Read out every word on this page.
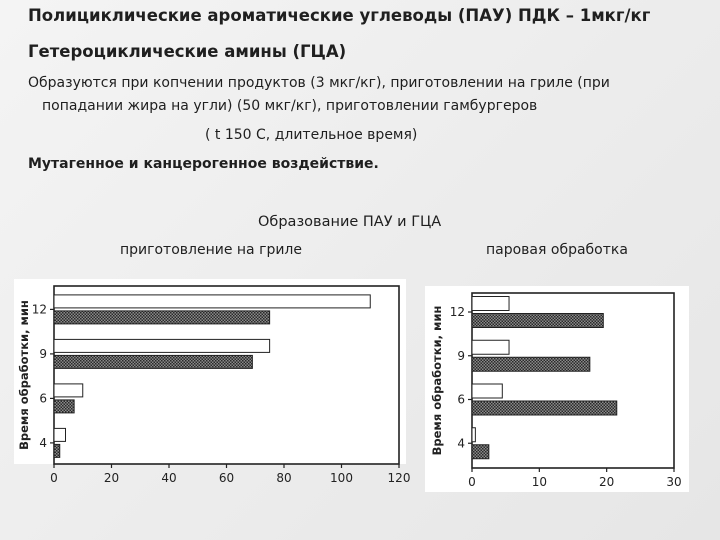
Полициклические ароматические углеводы (ПАУ) ПДК – 1мкг/кг
Гетероциклические амины (ГЦА)
Образуются при копчении продуктов (3 мкг/кг), приготовлении на гриле (при
попадании жира на угли) (50 мкг/кг), приготовлении гамбургеров
( t 150 С, длительное время)
Мутагенное и канцерогенное воздействие.
Образование ПАУ и ГЦА
приготовление на гриле	паровая обработка
0	20	40	60	80	100	120
12
9
6
4
Время обработки, мин
0	10	20	30
12
9
6
4
Время обработки, мин
